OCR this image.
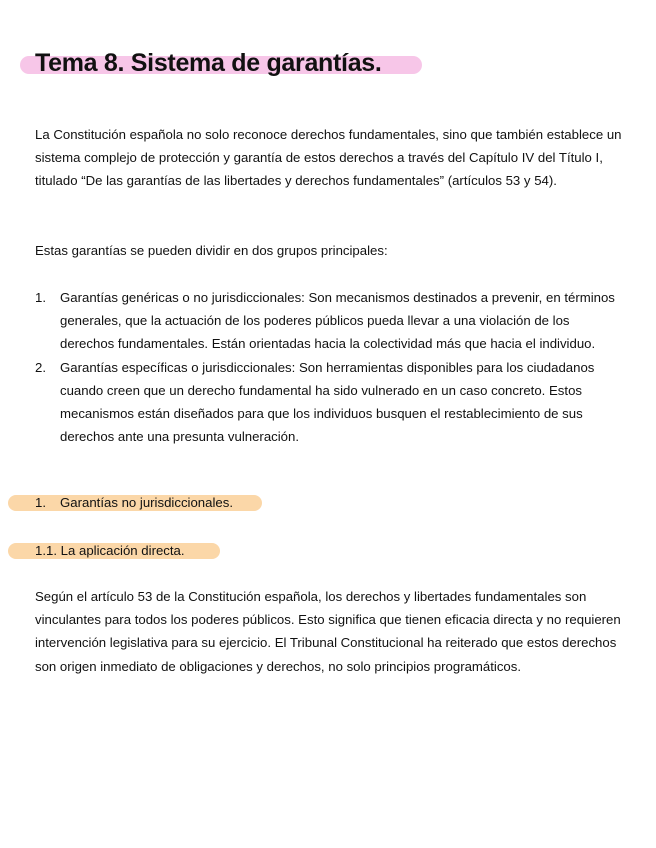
Tema 8. Sistema de garantías.

La Constitución española no solo reconoce derechos fundamentales, sino que también establece un sistema complejo de protección y garantía de estos derechos a través del Capítulo IV del Título I, titulado “De las garantías de las libertades y derechos fundamentales” (artículos 53 y 54).

Estas garantías se pueden dividir en dos grupos principales:

1. Garantías genéricas o no jurisdiccionales: Son mecanismos destinados a prevenir, en términos generales, que la actuación de los poderes públicos pueda llevar a una violación de los derechos fundamentales. Están orientadas hacia la colectividad más que hacia el individuo.
2. Garantías específicas o jurisdiccionales: Son herramientas disponibles para los ciudadanos cuando creen que un derecho fundamental ha sido vulnerado en un caso concreto. Estos mecanismos están diseñados para que los individuos busquen el restablecimiento de sus derechos ante una presunta vulneración.
1. Garantías no jurisdiccionales.
1.1. La aplicación directa.

Según el artículo 53 de la Constitución española, los derechos y libertades fundamentales son vinculantes para todos los poderes públicos. Esto significa que tienen eficacia directa y no requieren intervención legislativa para su ejercicio. El Tribunal Constitucional ha reiterado que estos derechos son origen inmediato de obligaciones y derechos, no solo principios programáticos.
